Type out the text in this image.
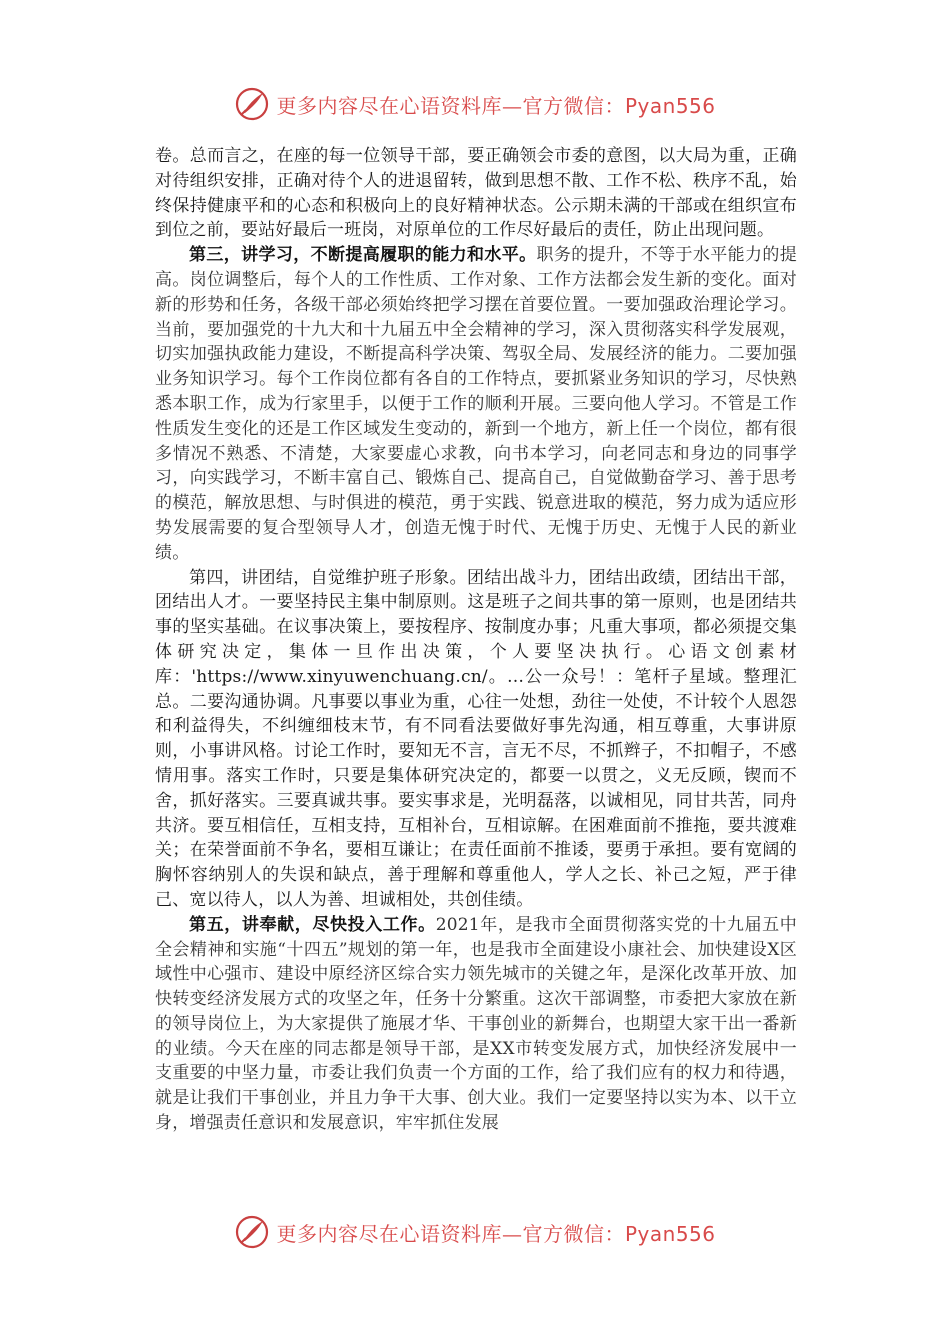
更多内容尽在心语资料库—官方微信：Pyan556

卷。总而言之，在座的每一位领导干部，要正确领会市委的意图，以大局为重，正确对待组织安排，正确对待个人的进退留转，做到思想不散、工作不松、秩序不乱，始终保持健康平和的心态和积极向上的良好精神状态。公示期未满的干部或在组织宣布到位之前，要站好最后一班岗，对原单位的工作尽好最后的责任，防止出现问题。

第三，讲学习，不断提高履职的能力和水平。职务的提升，不等于水平能力的提高。岗位调整后，每个人的工作性质、工作对象、工作方法都会发生新的变化。面对新的形势和任务，各级干部必须始终把学习摆在首要位置。一要加强政治理论学习。当前，要加强党的十九大和十九届五中全会精神的学习，深入贯彻落实科学发展观，切实加强执政能力建设，不断提高科学决策、驾驭全局、发展经济的能力。二要加强业务知识学习。每个工作岗位都有各自的工作特点，要抓紧业务知识的学习，尽快熟悉本职工作，成为行家里手，以便于工作的顺利开展。三要向他人学习。不管是工作性质发生变化的还是工作区域发生变动的，新到一个地方，新上任一个岗位，都有很多情况不熟悉、不清楚，大家要虚心求教，向书本学习，向老同志和身边的同事学习，向实践学习，不断丰富自己、锻炼自己、提高自己，自觉做勤奋学习、善于思考的模范，解放思想、与时俱进的模范，勇于实践、锐意进取的模范，努力成为适应形势发展需要的复合型领导人才，创造无愧于时代、无愧于历史、无愧于人民的新业绩。

第四，讲团结，自觉维护班子形象。团结出战斗力，团结出政绩，团结出干部，团结出人才。一要坚持民主集中制原则。这是班子之间共事的第一原则，也是团结共事的坚实基础。在议事决策上，要按程序、按制度办事；凡重大事项，都必须提交集体研究决定，集体一旦作出决策，个人要坚决执行。心语文创素材库：'https://www.xinyuwenchuang.cn/。…公一众号！：笔杆子星域。整理汇总。二要沟通协调。凡事要以事业为重，心往一处想，劲往一处使，不计较个人恩怨和利益得失，不纠缠细枝末节，有不同看法要做好事先沟通，相互尊重，大事讲原则，小事讲风格。讨论工作时，要知无不言，言无不尽，不抓辫子，不扣帽子，不感情用事。落实工作时，只要是集体研究决定的，都要一以贯之，义无反顾，锲而不舍，抓好落实。三要真诚共事。要实事求是，光明磊落，以诚相见，同甘共苦，同舟共济。要互相信任，互相支持，互相补台，互相谅解。在困难面前不推拖，要共渡难关；在荣誉面前不争名，要相互谦让；在责任面前不推诿，要勇于承担。要有宽阔的胸怀容纳别人的失误和缺点，善于理解和尊重他人，学人之长、补己之短，严于律己、宽以待人，以人为善、坦诚相处，共创佳绩。

第五，讲奉献，尽快投入工作。2021年，是我市全面贯彻落实党的十九届五中全会精神和实施“十四五”规划的第一年，也是我市全面建设小康社会、加快建设X区域性中心强市、建设中原经济区综合实力领先城市的关键之年，是深化改革开放、加快转变经济发展方式的攻坚之年，任务十分繁重。这次干部调整，市委把大家放在新的领导岗位上，为大家提供了施展才华、干事创业的新舞台，也期望大家干出一番新的业绩。今天在座的同志都是领导干部，是XX市转变发展方式，加快经济发展中一支重要的中坚力量，市委让我们负责一个方面的工作，给了我们应有的权力和待遇，就是让我们干事创业，并且力争干大事、创大业。我们一定要坚持以实为本、以干立身，增强责任意识和发展意识，牢牢抓住发展

更多内容尽在心语资料库—官方微信：Pyan556
